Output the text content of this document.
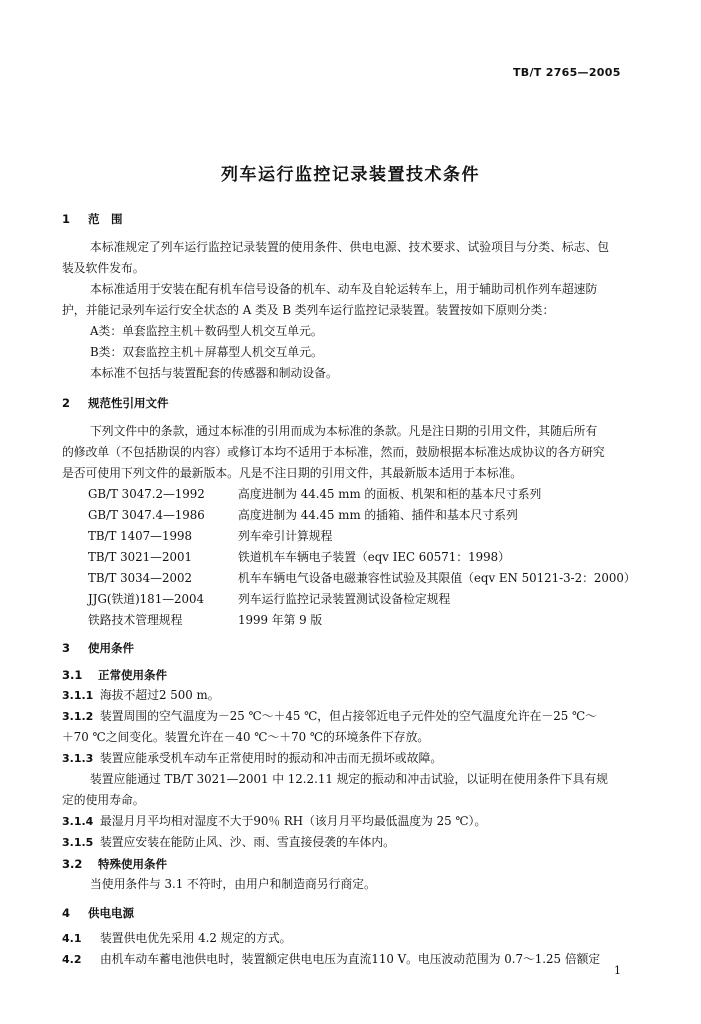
TB/T 2765—2005
列车运行监控记录装置技术条件
1 范　围
本标准规定了列车运行监控记录装置的使用条件、供电电源、技术要求、试验项目与分类、标志、包
装及软件发布。
本标准适用于安装在配有机车信号设备的机车、动车及自轮运转车上，用于辅助司机作列车超速防
护，并能记录列车运行安全状态的 A 类及 B 类列车运行监控记录装置。装置按如下原则分类：
A类：单套监控主机＋数码型人机交互单元。
B类：双套监控主机＋屏幕型人机交互单元。
本标准不包括与装置配套的传感器和制动设备。
2 规范性引用文件
下列文件中的条款，通过本标准的引用而成为本标准的条款。凡是注日期的引用文件，其随后所有
的修改单（不包括勘误的内容）或修订本均不适用于本标准，然而，鼓励根据本标准达成协议的各方研究
是否可使用下列文件的最新版本。凡是不注日期的引用文件，其最新版本适用于本标准。
GB/T 3047.2—1992	高度进制为 44.45 mm 的面板、机架和柜的基本尺寸系列
GB/T 3047.4—1986	高度进制为 44.45 mm 的插箱、插件和基本尺寸系列
TB/T 1407—1998	列车牵引计算规程
TB/T 3021—2001	铁道机车车辆电子装置（eqv IEC 60571：1998）
TB/T 3034—2002	机车车辆电气设备电磁兼容性试验及其限值（eqv EN 50121-3-2：2000）
JJG(铁道)181—2004	列车运行监控记录装置测试设备检定规程
铁路技术管理规程	1999 年第 9 版
3 使用条件
3.1 正常使用条件
3.1.1 海拔不超过2 500 m。
3.1.2 装置周围的空气温度为－25 ℃～＋45 ℃，但占接邻近电子元件处的空气温度允许在－25 ℃～
＋70 ℃之间变化。装置允许在－40 ℃～＋70 ℃的环境条件下存放。
3.1.3 装置应能承受机车动车正常使用时的振动和冲击而无损坏或故障。
装置应能通过 TB/T 3021—2001 中 12.2.11 规定的振动和冲击试验，以证明在使用条件下具有规
定的使用寿命。
3.1.4 最湿月月平均相对湿度不大于90％ RH（该月月平均最低温度为 25 ℃）。
3.1.5 装置应安装在能防止风、沙、雨、雪直接侵袭的车体内。
3.2 特殊使用条件
当使用条件与 3.1 不符时，由用户和制造商另行商定。
4 供电电源
4.1 装置供电优先采用 4.2 规定的方式。
4.2 由机车动车蓄电池供电时，装置额定供电电压为直流110 V。电压波动范围为 0.7～1.25 倍额定
1
